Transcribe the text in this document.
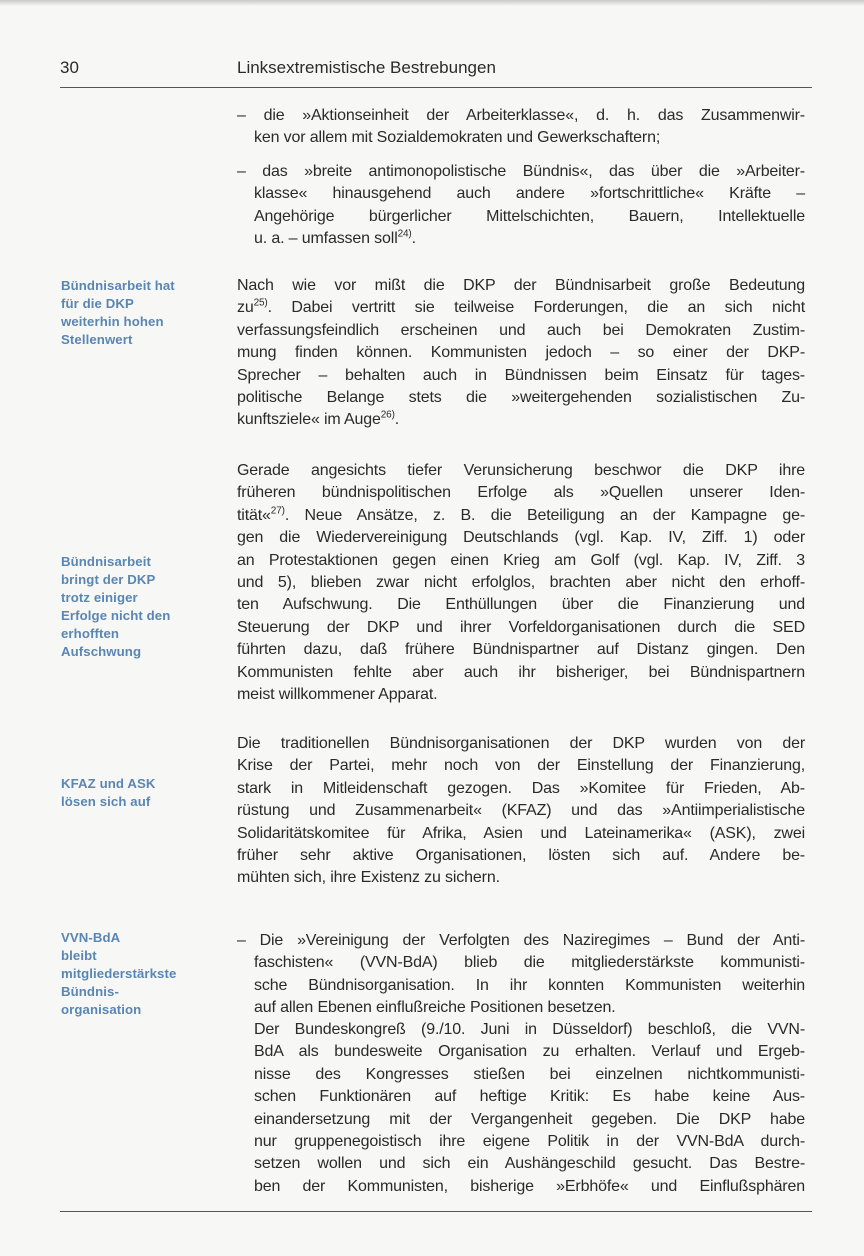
30	Linksextremistische Bestrebungen
Bündnisarbeit hat
für die DKP
weiterhin hohen
Stellenwert
Bündnisarbeit
bringt der DKP
trotz einiger
Erfolge nicht den
erhofften
Aufschwung
KFAZ und ASK
lösen sich auf
VVN-BdA
bleibt
mitgliederstärkste
Bündnis-
organisation
– die »Aktionseinheit der Arbeiterklasse«, d. h. das Zusammenwir-
ken vor allem mit Sozialdemokraten und Gewerkschaftern;
– das »breite antimonopolistische Bündnis«, das über die »Arbeiter-
klasse« hinausgehend auch andere »fortschrittliche« Kräfte –
Angehörige bürgerlicher Mittelschichten, Bauern, Intellektuelle
u. a. – umfassen soll$^{24)}$.
Nach wie vor mißt die DKP der Bündnisarbeit große Bedeutung
zu$^{25)}$. Dabei vertritt sie teilweise Forderungen, die an sich nicht
verfassungsfeindlich erscheinen und auch bei Demokraten Zustim-
mung finden können. Kommunisten jedoch – so einer der DKP-
Sprecher – behalten auch in Bündnissen beim Einsatz für tages-
politische Belange stets die »weitergehenden sozialistischen Zu-
kunftsziele« im Auge$^{26)}$.
Gerade angesichts tiefer Verunsicherung beschwor die DKP ihre
früheren bündnispolitischen Erfolge als »Quellen unserer Iden-
tität«$^{27)}$. Neue Ansätze, z. B. die Beteiligung an der Kampagne ge-
gen die Wiedervereinigung Deutschlands (vgl. Kap. IV, Ziff. 1) oder
an Protestaktionen gegen einen Krieg am Golf (vgl. Kap. IV, Ziff. 3
und 5), blieben zwar nicht erfolglos, brachten aber nicht den erhoff-
ten Aufschwung. Die Enthüllungen über die Finanzierung und
Steuerung der DKP und ihrer Vorfeldorganisationen durch die SED
führten dazu, daß frühere Bündnispartner auf Distanz gingen. Den
Kommunisten fehlte aber auch ihr bisheriger, bei Bündnispartnern
meist willkommener Apparat.
Die traditionellen Bündnisorganisationen der DKP wurden von der
Krise der Partei, mehr noch von der Einstellung der Finanzierung,
stark in Mitleidenschaft gezogen. Das »Komitee für Frieden, Ab-
rüstung und Zusammenarbeit« (KFAZ) und das »Antiimperialistische
Solidaritätskomitee für Afrika, Asien und Lateinamerika« (ASK), zwei
früher sehr aktive Organisationen, lösten sich auf. Andere be-
mühten sich, ihre Existenz zu sichern.
– Die »Vereinigung der Verfolgten des Naziregimes – Bund der Anti-
faschisten« (VVN-BdA) blieb die mitgliederstärkste kommunisti-
sche Bündnisorganisation. In ihr konnten Kommunisten weiterhin
auf allen Ebenen einflußreiche Positionen besetzen.
Der Bundeskongreß (9./10. Juni in Düsseldorf) beschloß, die VVN-
BdA als bundesweite Organisation zu erhalten. Verlauf und Ergeb-
nisse des Kongresses stießen bei einzelnen nichtkommunisti-
schen Funktionären auf heftige Kritik: Es habe keine Aus-
einandersetzung mit der Vergangenheit gegeben. Die DKP habe
nur gruppenegoistisch ihre eigene Politik in der VVN-BdA durch-
setzen wollen und sich ein Aushängeschild gesucht. Das Bestre-
ben der Kommunisten, bisherige »Erbhöfe« und Einflußsphären
